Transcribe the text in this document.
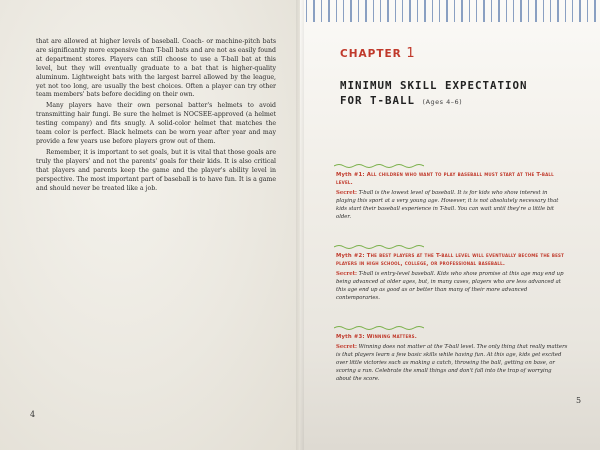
that are allowed at higher levels of baseball. Coach- or machine-pitch bats are significantly more expensive than T-ball bats and are not as easily found at department stores. Players can still choose to use a T-ball bat at this level, but they will eventually graduate to a bat that is higher-quality aluminum. Lightweight bats with the largest barrel allowed by the league, yet not too long, are usually the best choices. Often a player can try other team members' bats before deciding on their own.

Many players have their own personal batter's helmets to avoid transmitting hair fungi. Be sure the helmet is NOCSEE-approved (a helmet testing company) and fits snugly. A solid-color helmet that matches the team color is perfect. Black helmets can be worn year after year and may provide a few years use before players grow out of them.

Remember, it is important to set goals, but it is vital that those goals are truly the players' and not the parents' goals for their kids. It is also critical that players and parents keep the game and the player's ability level in perspective. The most important part of baseball is to have fun. It is a game and should never be treated like a job.

4
CHAPTER 1
MINIMUM SKILL EXPECTATION
FOR T-BALL (Ages 4–6)
Myth #1: All children who want to play baseball must start at the T-ball level.
Secret: T-ball is the lowest level of baseball. It is for kids who show interest in playing this sport at a very young age. However, it is not absolutely necessary that kids start their baseball experience in T-ball. You can wait until they're a little bit older.
Myth #2: The best players at the T-ball level will eventually become the best players in high school, college, or professional baseball.
Secret: T-ball is entry-level baseball. Kids who show promise at this age may end up being advanced at older ages, but, in many cases, players who are less advanced at this age end up as good as or better than many of their more advanced contemporaries.
Myth #3: Winning matters.
Secret: Winning does not matter at the T-ball level. The only thing that really matters is that players learn a few basic skills while having fun. At this age, kids get excited over little victories such as making a catch, throwing the ball, getting on base, or scoring a run. Celebrate the small things and don't fall into the trap of worrying about the score.
5
